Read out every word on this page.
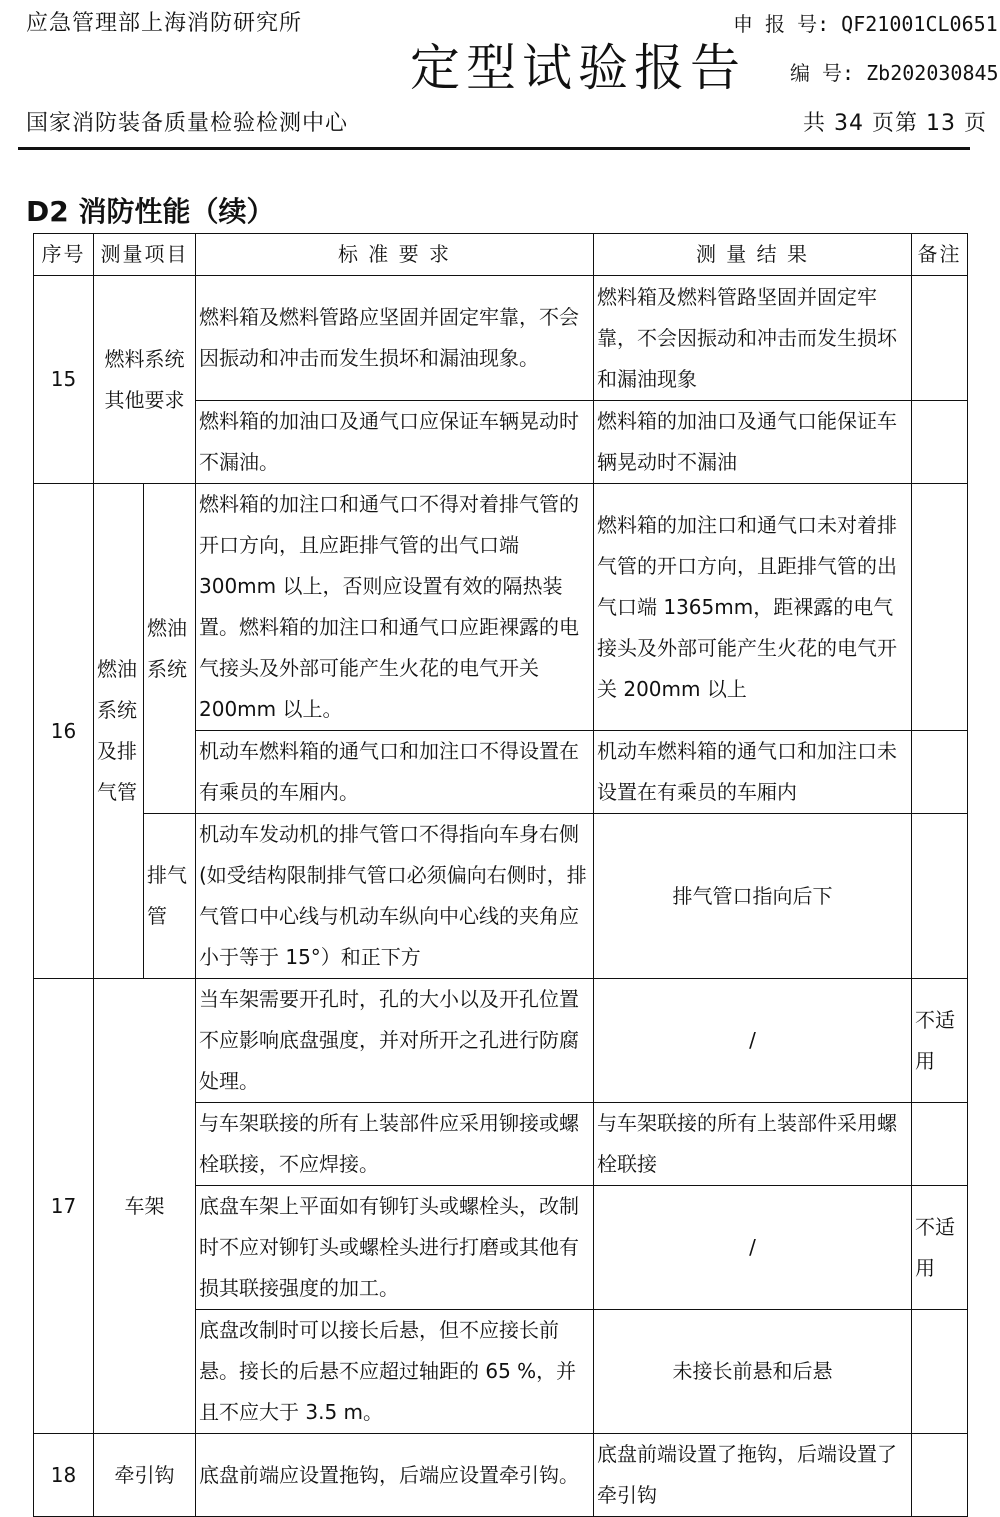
应急管理部上海消防研究所
国家消防装备质量检验检测中心
定型试验报告
申 报 号: QF21001CL0651
编 号: Zb202030845
共 34 页第 13 页
D2 消防性能（续）
序号	测量项目		标 准 要 求	测 量 结 果	备注
15	燃料系统其他要求		燃料箱及燃料管路应坚固并固定牢靠，不会因振动和冲击而发生损坏和漏油现象。	燃料箱及燃料管路坚固并固定牢靠，不会因振动和冲击而发生损坏和漏油现象	
			燃料箱的加油口及通气口应保证车辆晃动时不漏油。	燃料箱的加油口及通气口能保证车辆晃动时不漏油	
16	燃油系统及排气管	燃油系统	燃料箱的加注口和通气口不得对着排气管的开口方向，且应距排气管的出气口端 300mm 以上，否则应设置有效的隔热装置。燃料箱的加注口和通气口应距裸露的电气接头及外部可能产生火花的电气开关 200mm 以上。	燃料箱的加注口和通气口未对着排气管的开口方向，且距排气管的出气口端 1365mm，距裸露的电气接头及外部可能产生火花的电气开关 200mm 以上	
			机动车燃料箱的通气口和加注口不得设置在有乘员的车厢内。	机动车燃料箱的通气口和加注口未设置在有乘员的车厢内	
		排气管	机动车发动机的排气管口不得指向车身右侧(如受结构限制排气管口必须偏向右侧时，排气管口中心线与机动车纵向中心线的夹角应小于等于 15°）和正下方	排气管口指向后下	
17	车架		当车架需要开孔时，孔的大小以及开孔位置不应影响底盘强度，并对所开之孔进行防腐处理。	/	不适用
			与车架联接的所有上装部件应采用铆接或螺栓联接，不应焊接。	与车架联接的所有上装部件采用螺栓联接	
			底盘车架上平面如有铆钉头或螺栓头，改制时不应对铆钉头或螺栓头进行打磨或其他有损其联接强度的加工。	/	不适用
			底盘改制时可以接长后悬，但不应接长前悬。接长的后悬不应超过轴距的 65 %，并且不应大于 3.5 m。	未接长前悬和后悬	
18	牵引钩		底盘前端应设置拖钩，后端应设置牵引钩。	底盘前端设置了拖钩，后端设置了牵引钩	
